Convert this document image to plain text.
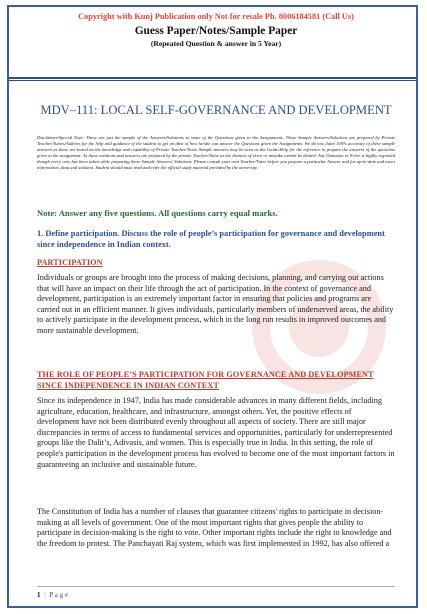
Copyright with Kunj Publication only Not for resale Ph. 8006184581 (Call Us)
Guess Paper/Notes/Sample Paper
(Repeated Question & answer in 5 Year)
MDV–111: LOCAL SELF-GOVERNANCE AND DEVELOPMENT
Disclaimer/Special Note: These are just the sample of the Answers/Solutions to some of the Questions given in the Assignments. These Sample Answers/Solutions are prepared by Private Teacher/Tutors/Authors for the help and guidance of the student to get an idea of how he/she can answer the Questions given the Assignments. We do not claim 100% accuracy of these sample answers as these are based on the knowledge and capability of Private Teacher/Tutor. Sample answers may be seen as the Guide/Help for the reference to prepare the answers of the questions given in the assignment. As these solutions and answers are prepared by the private Teacher/Tutor so the chances of error or mistake cannot be denied. Any Omission or Error is highly regretted though every care has been taken while preparing these Sample Answers/ Solutions. Please consult your own Teacher/Tutor before you prepare a particular Answer and for up-to-date and exact information, data and solution. Student should must read and refer the official study material provided by the university.
Note: Answer any five questions. All questions carry equal marks.
1. Define participation. Discuss the role of people’s participation for governance and development since independence in Indian context.
PARTICIPATION
Individuals or groups are brought into the process of making decisions, planning, and carrying out actions that will have an impact on their life through the act of participation. In the context of governance and development, participation is an extremely important factor in ensuring that policies and programs are carried out in an efficient manner. It gives individuals, particularly members of underserved areas, the ability to actively participate in the development process, which in the long run results in improved outcomes and more sustainable development.
THE ROLE OF PEOPLE’S PARTICIPATION FOR GOVERNANCE AND DEVELOPMENT SINCE INDEPENDENCE IN INDIAN CONTEXT
Since its independence in 1947, India has made considerable advances in many different fields, including agriculture, education, healthcare, and infrastructure, amongst others. Yet, the positive effects of development have not been distributed evenly throughout all aspects of society. There are still major discrepancies in terms of access to fundamental services and opportunities, particularly for underrepresented groups like the Dalit’s, Adivasis, and women. This is especially true in India. In this setting, the role of people's participation in the development process has evolved to become one of the most important factors in guaranteeing an inclusive and sustainable future.
The Constitution of India has a number of clauses that guarantee citizens' rights to participate in decision-making at all levels of government. One of the most important rights that gives people the ability to participate in decision-making is the right to vote. Other important rights include the right to knowledge and the freedom to protest. The Panchayati Raj system, which was first implemented in 1992, has also offered a
1 | P a g e
